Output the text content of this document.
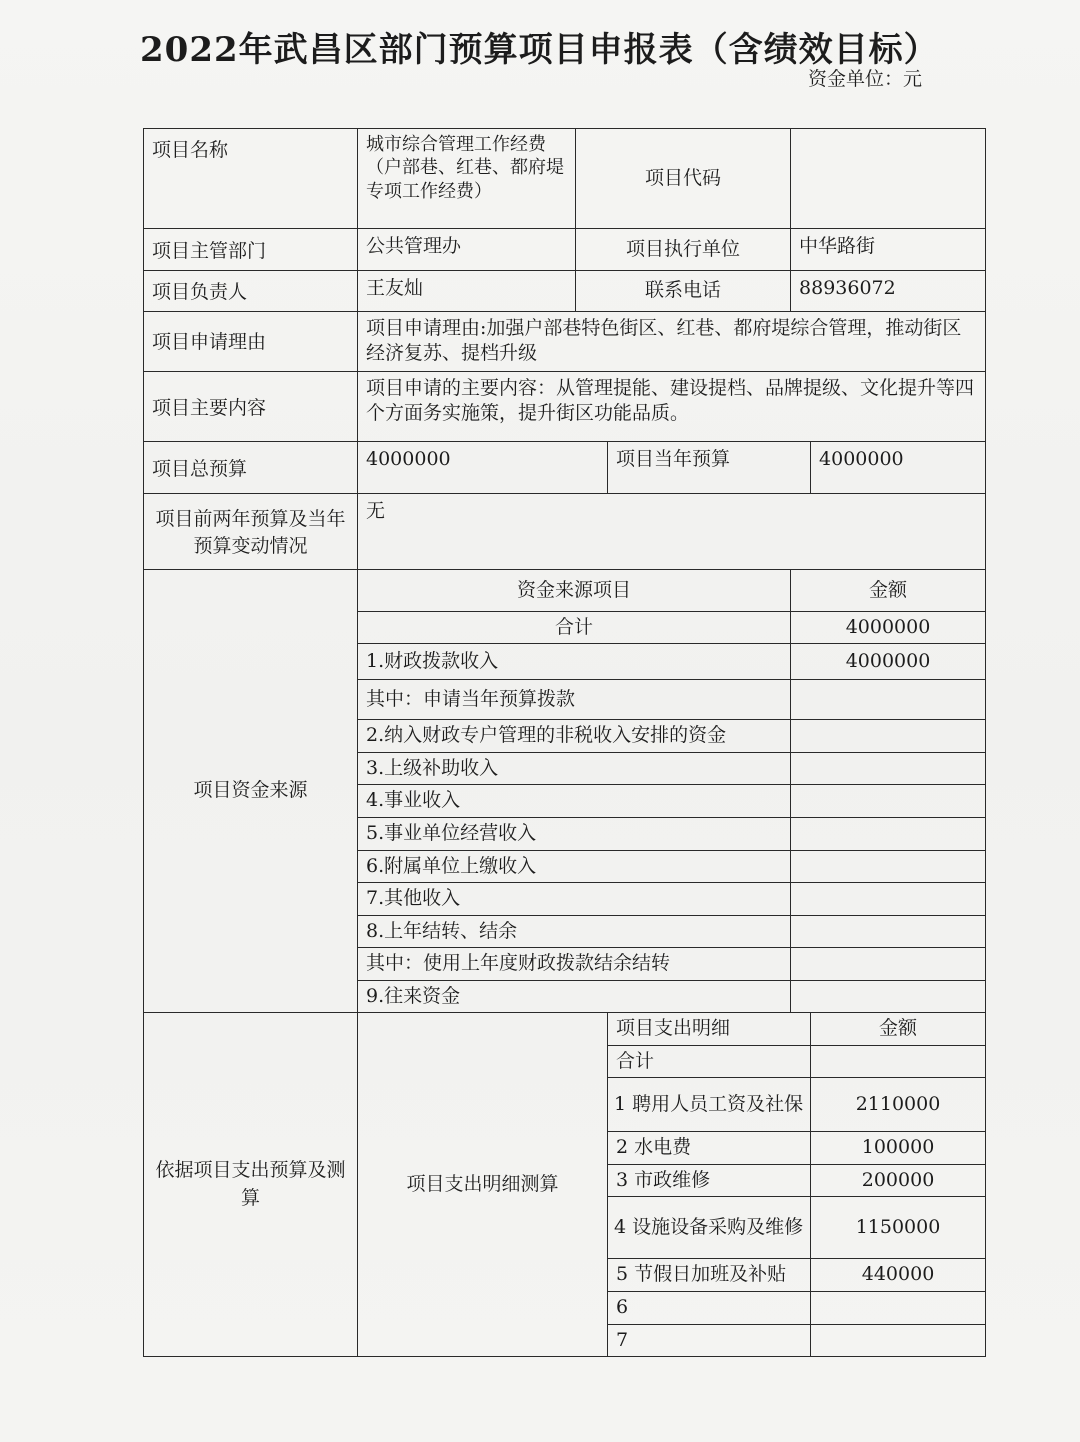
2022年武昌区部门预算项目申报表（含绩效目标）
资金单位：元
项目名称	城市综合管理工作经费（户部巷、红巷、都府堤专项工作经费）	项目代码			
项目主管部门	公共管理办	项目执行单位		中华路街	
项目负责人	王友灿	联系电话		88936072	
项目申请理由	项目申请理由:加强户部巷特色街区、红巷、都府堤综合管理，推动街区经济复苏、提档升级				
项目主要内容	项目申请的主要内容：从管理提能、建设提档、品牌提级、文化提升等四个方面务实施策，提升街区功能品质。				
项目总预算	4000000		项目当年预算		4000000
项目前两年预算及当年预算变动情况	无				
项目资金来源	资金来源项目			金额	
	合计			4000000	
	1.财政拨款收入			4000000	
	其中：申请当年预算拨款				
	2.纳入财政专户管理的非税收入安排的资金				
	3.上级补助收入				
	4.事业收入				
	5.事业单位经营收入				
	6.附属单位上缴收入				
	7.其他收入				
	8.上年结转、结余				
	其中：使用上年度财政拨款结余结转				
	9.往来资金				
依据项目支出预算及测算	项目支出明细测算		项目支出明细		金额
			合计		
			1 聘用人员工资及社保		2110000
			2 水电费		100000
			3 市政维修		200000
			4 设施设备采购及维修		1150000
			5 节假日加班及补贴		440000
			6		
			7		
